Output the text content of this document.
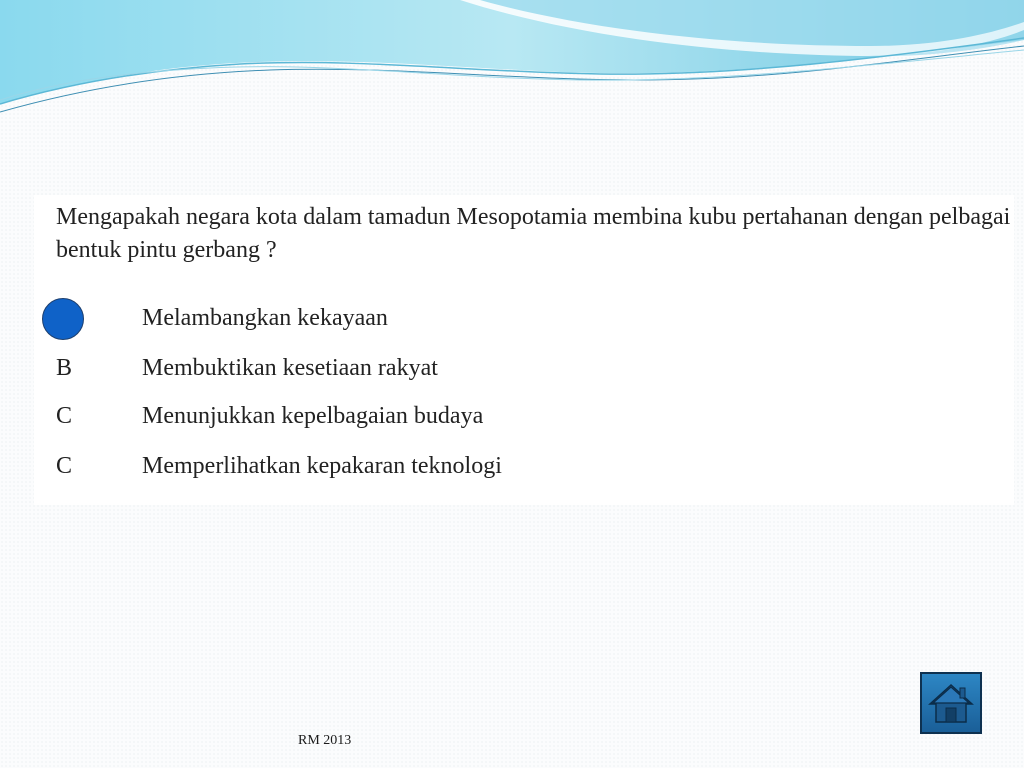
Mengapakah negara kota dalam tamadun Mesopotamia membina kubu pertahanan dengan pelbagai bentuk pintu gerbang ?
Melambangkan kekayaan
B	Membuktikan kesetiaan rakyat
C	Menunjukkan kepelbagaian budaya
C	Memperlihatkan kepakaran teknologi
RM 2013
